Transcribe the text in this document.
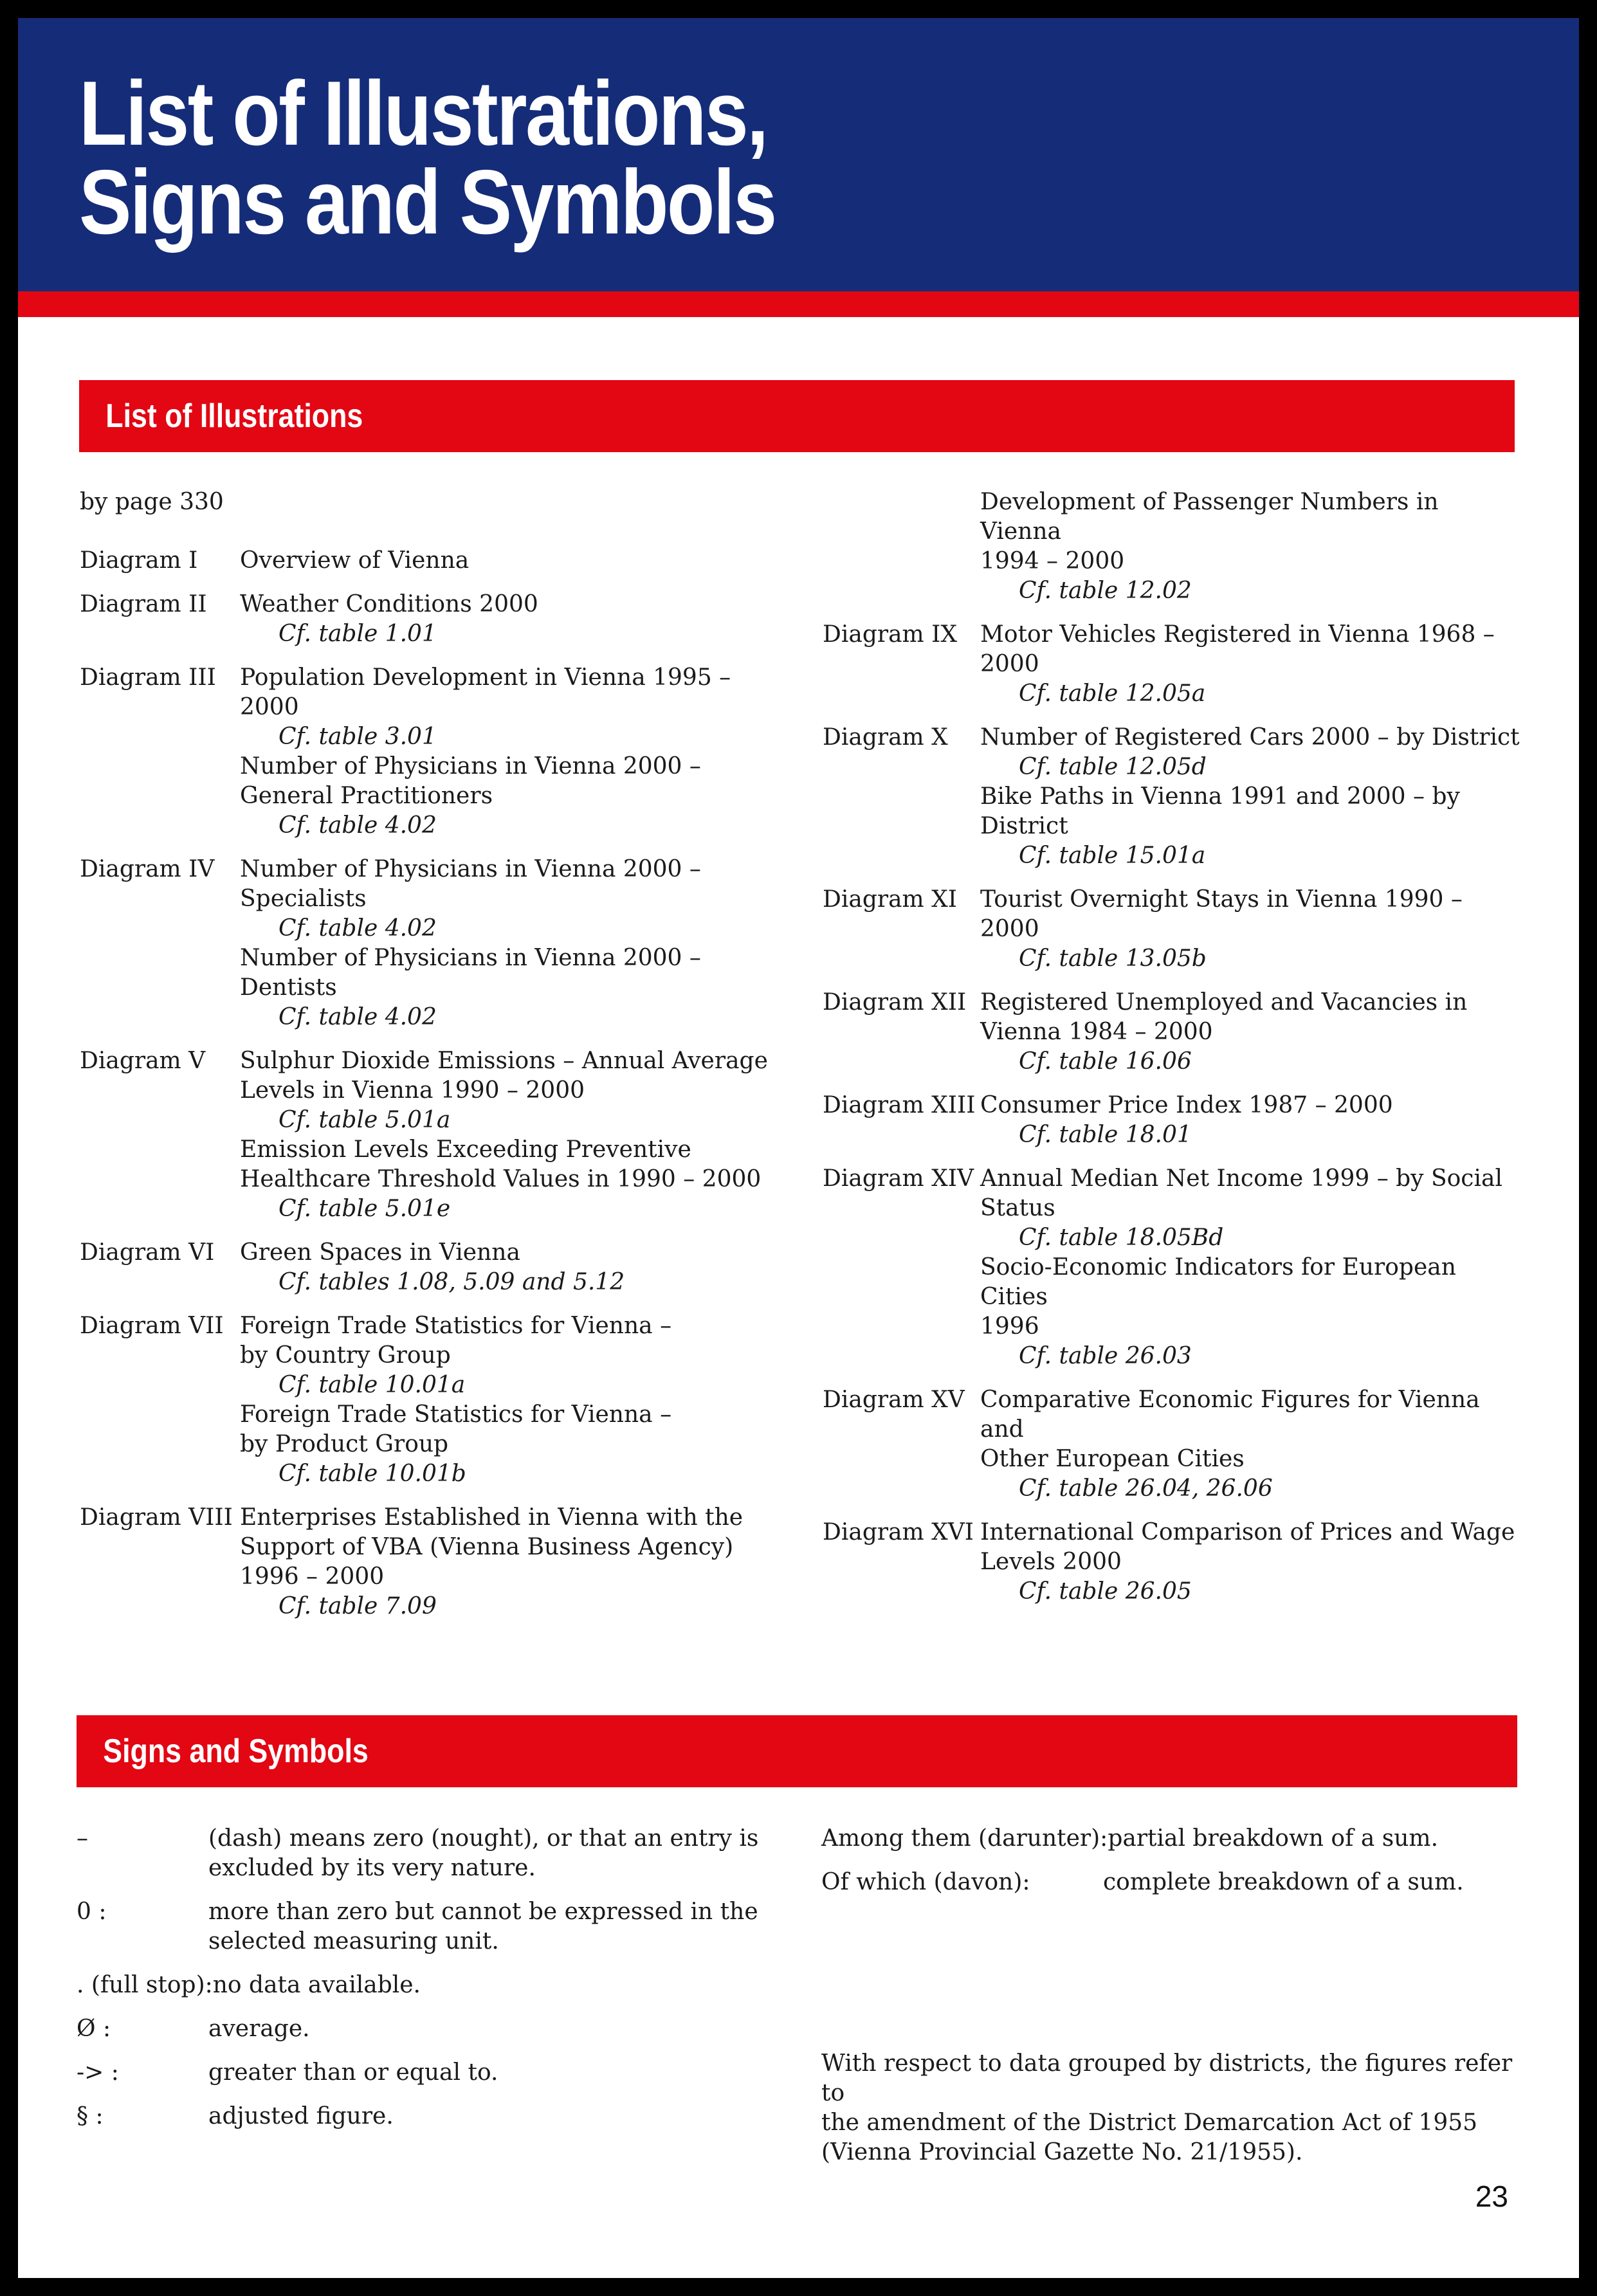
List of Illustrations,
Signs and Symbols
List of Illustrations
by page 330
Diagram I	Overview of Vienna
Diagram II	Weather Conditions 2000
Cf. table 1.01
Diagram III	Population Development in Vienna 1995 – 2000
Cf. table 3.01
Number of Physicians in Vienna 2000 –
General Practitioners
Cf. table 4.02
Diagram IV	Number of Physicians in Vienna 2000 –
Specialists
Cf. table 4.02
Number of Physicians in Vienna 2000 –
Dentists
Cf. table 4.02
Diagram V	Sulphur Dioxide Emissions – Annual Average
Levels in Vienna 1990 – 2000
Cf. table 5.01a
Emission Levels Exceeding Preventive
Healthcare Threshold Values in 1990 – 2000
Cf. table 5.01e
Diagram VI	Green Spaces in Vienna
Cf. tables 1.08, 5.09 and 5.12
Diagram VII Foreign Trade Statistics for Vienna –
by Country Group
Cf. table 10.01a
Foreign Trade Statistics for Vienna –
by Product Group
Cf. table 10.01b
Diagram VIII Enterprises Established in Vienna with the
Support of VBA (Vienna Business Agency)
1996 – 2000
Cf. table 7.09
Development of Passenger Numbers in Vienna
1994 – 2000
Cf. table 12.02
Diagram IX	Motor Vehicles Registered in Vienna 1968 – 2000
Cf. table 12.05a
Diagram X	Number of Registered Cars 2000 – by District
Cf. table 12.05d
Bike Paths in Vienna 1991 and 2000 – by District
Cf. table 15.01a
Diagram XI	Tourist Overnight Stays in Vienna 1990 – 2000
Cf. table 13.05b
Diagram XII Registered Unemployed and Vacancies in
Vienna 1984 – 2000
Cf. table 16.06
Diagram XIII Consumer Price Index 1987 – 2000
Cf. table 18.01
Diagram XIV Annual Median Net Income 1999 – by Social
Status
Cf. table 18.05Bd
Socio-Economic Indicators for European Cities
1996
Cf. table 26.03
Diagram XV Comparative Economic Figures for Vienna and
Other European Cities
Cf. table 26.04, 26.06
Diagram XVI International Comparison of Prices and Wage
Levels 2000
Cf. table 26.05
Signs and Symbols
–	(dash) means zero (nought), or that an entry is
excluded by its very nature.
0 :	more than zero but cannot be expressed in the
selected measuring unit.
. (full stop): no data available.
Ø :	average.
-> :	greater than or equal to.
§ :	adjusted figure.
Among them (darunter): partial breakdown of a sum.
Of which (davon):	complete breakdown of a sum.
With respect to data grouped by districts, the figures refer to
the amendment of the District Demarcation Act of 1955
(Vienna Provincial Gazette No. 21/1955).
23
